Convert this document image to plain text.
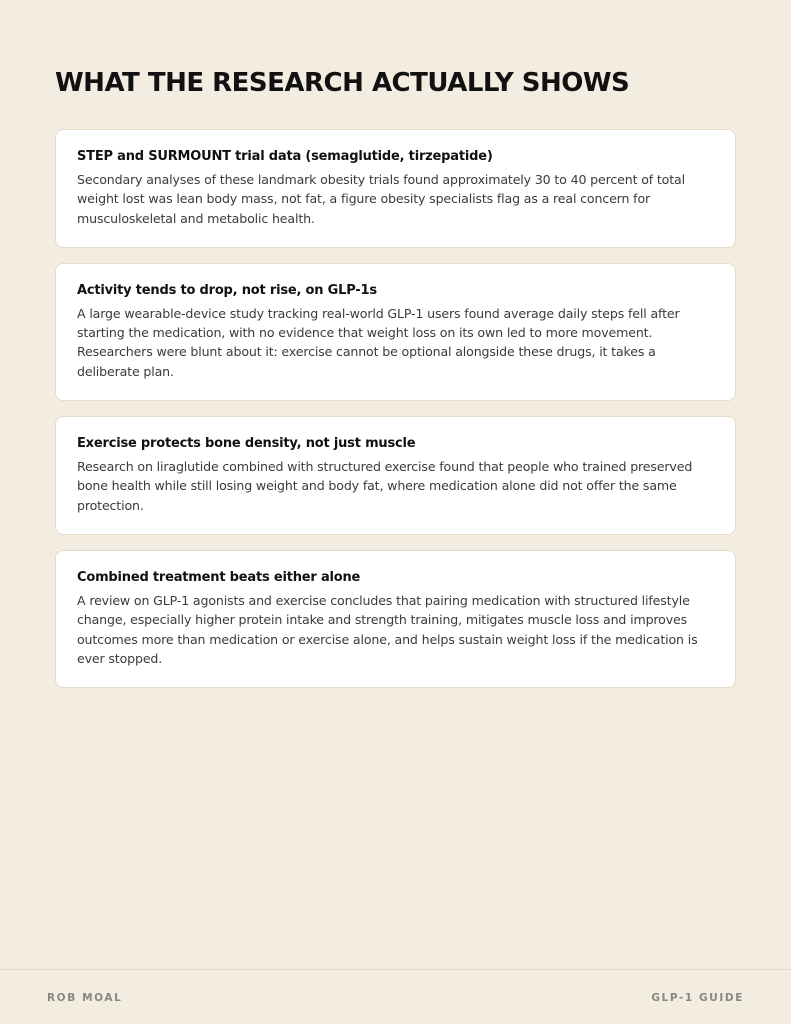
WHAT THE RESEARCH ACTUALLY SHOWS
STEP and SURMOUNT trial data (semaglutide, tirzepatide)

Secondary analyses of these landmark obesity trials found approximately 30 to 40 percent of total weight lost was lean body mass, not fat, a figure obesity specialists flag as a real concern for musculoskeletal and metabolic health.

Activity tends to drop, not rise, on GLP-1s

A large wearable-device study tracking real-world GLP-1 users found average daily steps fell after starting the medication, with no evidence that weight loss on its own led to more movement. Researchers were blunt about it: exercise cannot be optional alongside these drugs, it takes a deliberate plan.

Exercise protects bone density, not just muscle

Research on liraglutide combined with structured exercise found that people who trained preserved bone health while still losing weight and body fat, where medication alone did not offer the same protection.

Combined treatment beats either alone

A review on GLP-1 agonists and exercise concludes that pairing medication with structured lifestyle change, especially higher protein intake and strength training, mitigates muscle loss and improves outcomes more than medication or exercise alone, and helps sustain weight loss if the medication is ever stopped.

ROB MOAL	GLP-1 GUIDE
